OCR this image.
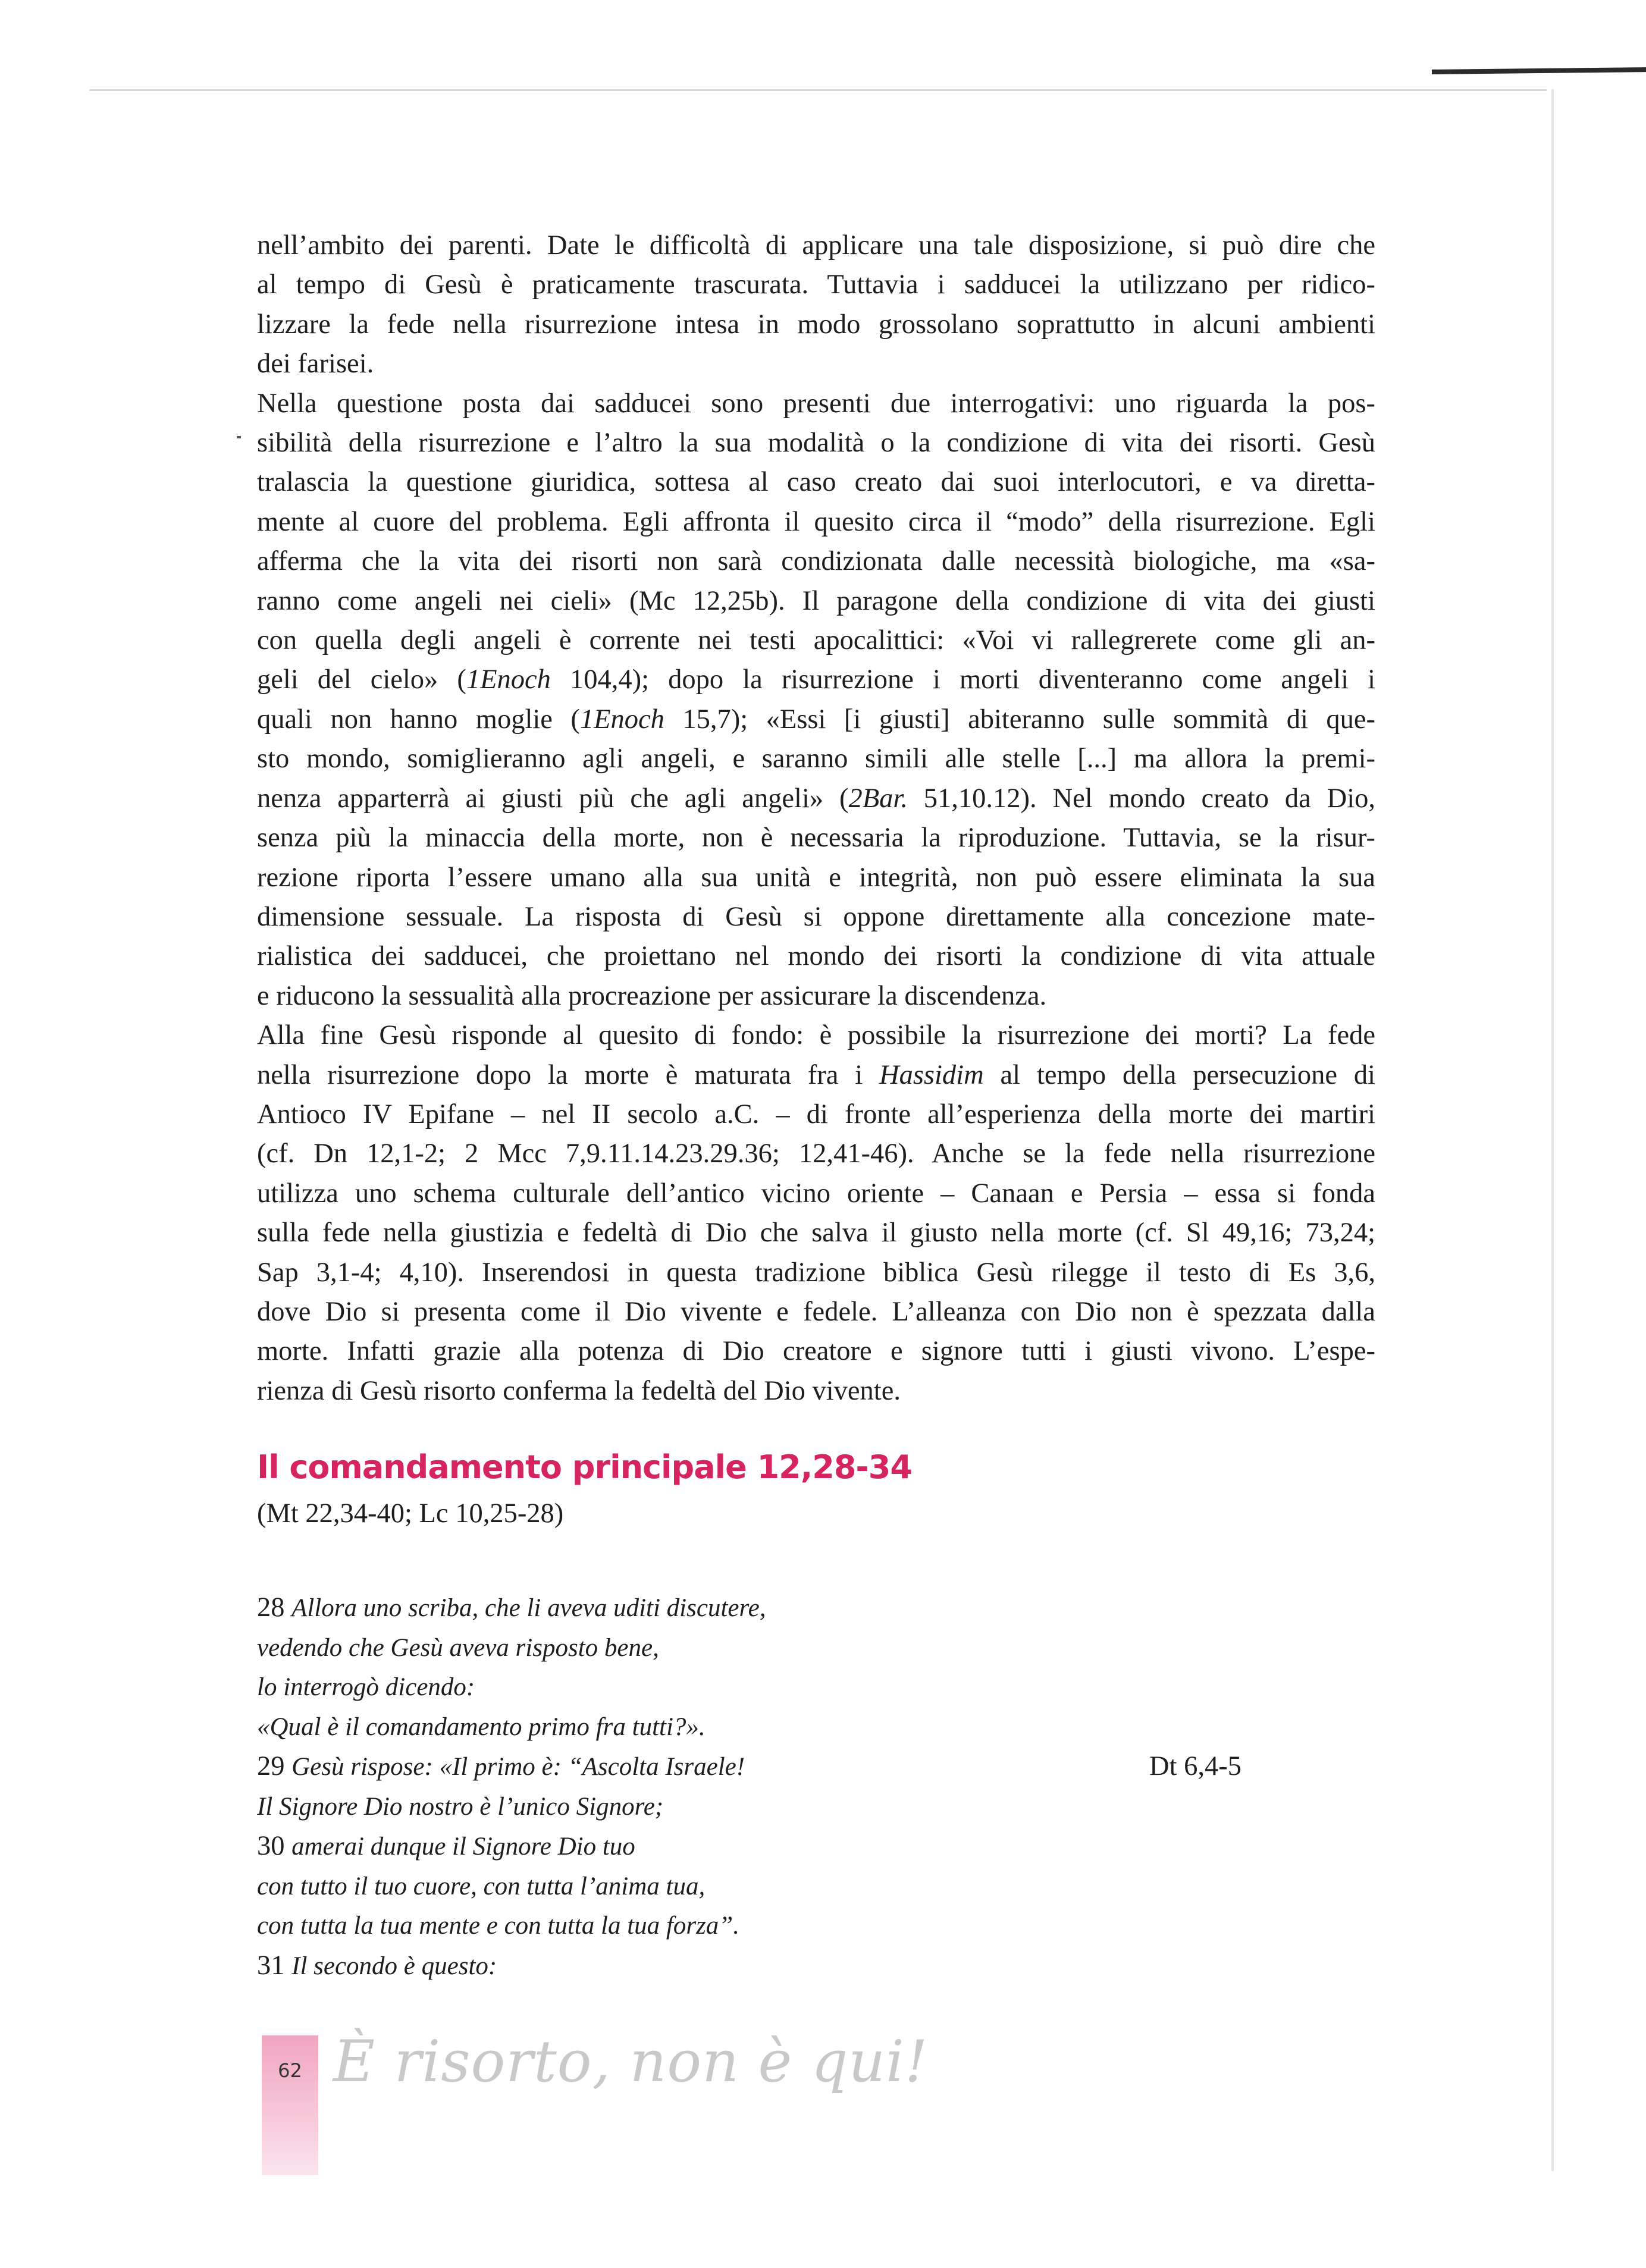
nell’ambito dei parenti. Date le difficoltà di applicare una tale disposizione, si può dire che
al tempo di Gesù è praticamente trascurata. Tuttavia i sadducei la utilizzano per ridico-
lizzare la fede nella risurrezione intesa in modo grossolano soprattutto in alcuni ambienti
dei farisei.
Nella questione posta dai sadducei sono presenti due interrogativi: uno riguarda la pos-
sibilità della risurrezione e l’altro la sua modalità o la condizione di vita dei risorti. Gesù
tralascia la questione giuridica, sottesa al caso creato dai suoi interlocutori, e va diretta-
mente al cuore del problema. Egli affronta il quesito circa il “modo” della risurrezione. Egli
afferma che la vita dei risorti non sarà condizionata dalle necessità biologiche, ma «sa-
ranno come angeli nei cieli» (Mc 12,25b). Il paragone della condizione di vita dei giusti
con quella degli angeli è corrente nei testi apocalittici: «Voi vi rallegrerete come gli an-
geli del cielo» (1Enoch 104,4); dopo la risurrezione i morti diventeranno come angeli i
quali non hanno moglie (1Enoch 15,7); «Essi [i giusti] abiteranno sulle sommità di que-
sto mondo, somiglieranno agli angeli, e saranno simili alle stelle [...] ma allora la premi-
nenza apparterrà ai giusti più che agli angeli» (2Bar. 51,10.12). Nel mondo creato da Dio,
senza più la minaccia della morte, non è necessaria la riproduzione. Tuttavia, se la risur-
rezione riporta l’essere umano alla sua unità e integrità, non può essere eliminata la sua
dimensione sessuale. La risposta di Gesù si oppone direttamente alla concezione mate-
rialistica dei sadducei, che proiettano nel mondo dei risorti la condizione di vita attuale
e riducono la sessualità alla procreazione per assicurare la discendenza.
Alla fine Gesù risponde al quesito di fondo: è possibile la risurrezione dei morti? La fede
nella risurrezione dopo la morte è maturata fra i Hassidim al tempo della persecuzione di
Antioco IV Epifane – nel II secolo a.C. – di fronte all’esperienza della morte dei martiri
(cf. Dn 12,1-2; 2 Mcc 7,9.11.14.23.29.36; 12,41-46). Anche se la fede nella risurrezione
utilizza uno schema culturale dell’antico vicino oriente – Canaan e Persia – essa si fonda
sulla fede nella giustizia e fedeltà di Dio che salva il giusto nella morte (cf. Sl 49,16; 73,24;
Sap 3,1-4; 4,10). Inserendosi in questa tradizione biblica Gesù rilegge il testo di Es 3,6,
dove Dio si presenta come il Dio vivente e fedele. L’alleanza con Dio non è spezzata dalla
morte. Infatti grazie alla potenza di Dio creatore e signore tutti i giusti vivono. L’espe-
rienza di Gesù risorto conferma la fedeltà del Dio vivente.
Il comandamento principale 12,28-34
(Mt 22,34-40; Lc 10,25-28)
28 Allora uno scriba, che li aveva uditi discutere,
vedendo che Gesù aveva risposto bene,
lo interrogò dicendo:
«Qual è il comandamento primo fra tutti?».
29 Gesù rispose: «Il primo è: “Ascolta Israele!	Dt 6,4-5
Il Signore Dio nostro è l’unico Signore;
30 amerai dunque il Signore Dio tuo
con tutto il tuo cuore, con tutta l’anima tua,
con tutta la tua mente e con tutta la tua forza”.
31 Il secondo è questo:
62 È risorto, non è qui!
